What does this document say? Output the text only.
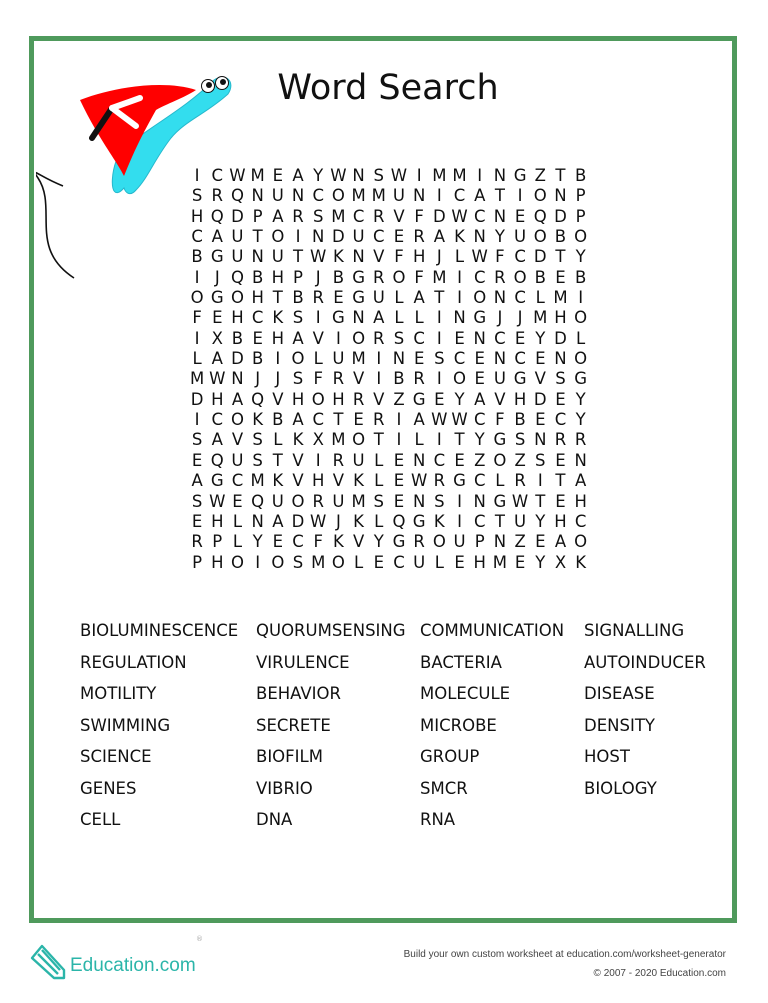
Word Search
I C W M E A Y W N S W I M M I N G Z T B
S R Q N U N C O M M U N I C A T I O N P
H Q D P A R S M C R V F D W C N E Q D P
C A U T O I N D U C E R A K N Y U O B O
B G U N U T W K N V F H J L W F C D T Y
I J Q B H P J B G R O F M I C R O B E B
O G O H T B R E G U L A T I O N C L M I
F E H C K S I G N A L L I N G J J M H O
I X B E H A V I O R S C I E N C E Y D L
L A D B I O L U M I N E S C E N C E N O
M W N J J S F R V I B R I O E U G V S G
D H A Q V H O H R V Z G E Y A V H D E Y
I C O K B A C T E R I A W W C F B E C Y
S A V S L K X M O T I L I T Y G S N R R
E Q U S T V I R U L E N C E Z O Z S E N
A G C M K V H V K L E W R G C L R I T A
S W E Q U O R U M S E N S I N G W T E H
E H L N A D W J K L Q G K I C T U Y H C
R P L Y E C F K V Y G R O U P N Z E A O
P H O I O S M O L E C U L E H M E Y X K
BIOLUMINESCENCE	QUORUMSENSING COMMUNICATION	SIGNALLING
REGULATION	VIRULENCE	BACTERIA	AUTOINDUCER
MOTILITY	BEHAVIOR	MOLECULE	DISEASE
SWIMMING	SECRETE	MICROBE	DENSITY
SCIENCE	BIOFILM	GROUP	HOST
GENES	VIBRIO	SMCR	BIOLOGY
CELL	DNA	RNA
Education.com
®
Build your own custom worksheet at education.com/worksheet-generator
© 2007 - 2020 Education.com
